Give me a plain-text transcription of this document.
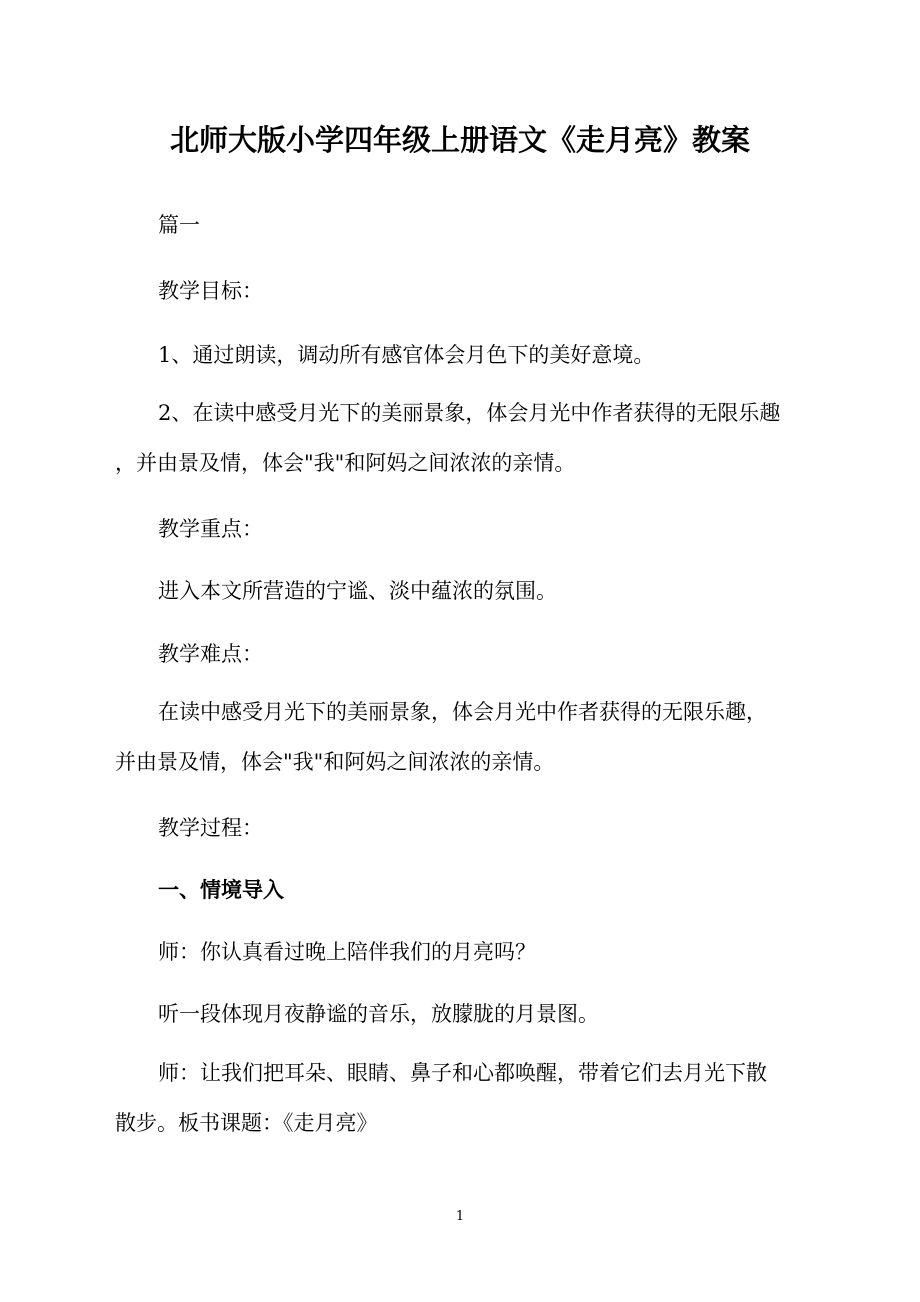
北师大版小学四年级上册语文《走月亮》教案

篇一

教学目标：

1、通过朗读，调动所有感官体会月色下的美好意境。

2、在读中感受月光下的美丽景象，体会月光中作者获得的无限乐趣
，并由景及情，体会"我"和阿妈之间浓浓的亲情。

教学重点：

进入本文所营造的宁谧、淡中蕴浓的氛围。

教学难点：

在读中感受月光下的美丽景象，体会月光中作者获得的无限乐趣，
并由景及情，体会"我"和阿妈之间浓浓的亲情。

教学过程：

一、情境导入

师：你认真看过晚上陪伴我们的月亮吗？

听一段体现月夜静谧的音乐，放朦胧的月景图。

师：让我们把耳朵、眼睛、鼻子和心都唤醒，带着它们去月光下散
散步。板书课题：《走月亮》

1
